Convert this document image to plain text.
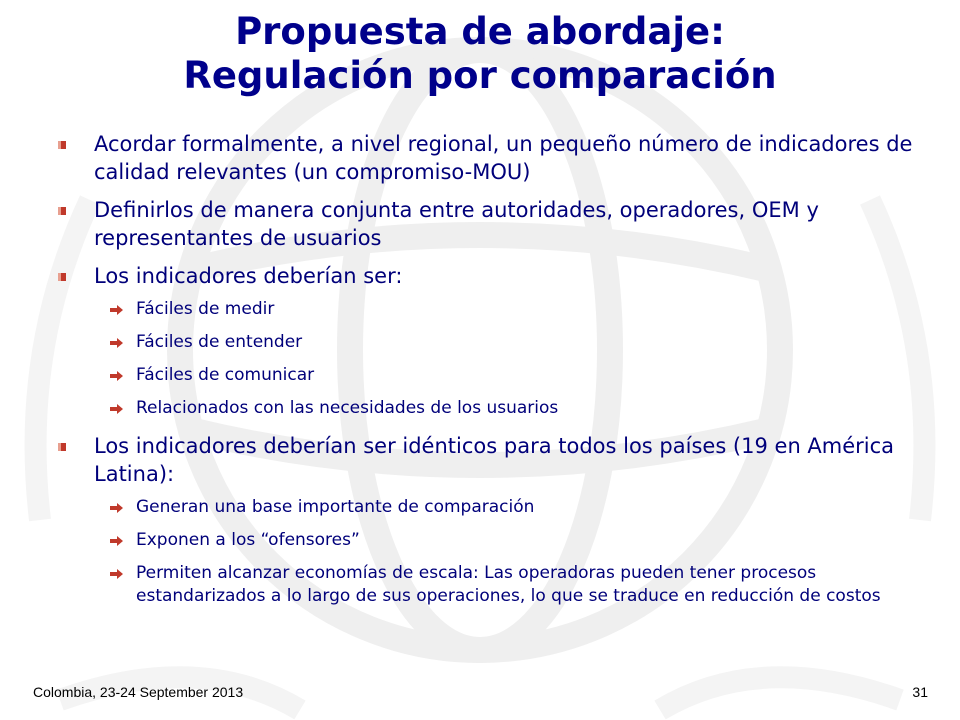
Propuesta de abordaje:
Regulación por comparación
Acordar formalmente, a nivel regional, un pequeño número de indicadores de calidad relevantes (un compromiso-MOU)
Definirlos de manera conjunta entre autoridades, operadores, OEM y representantes de usuarios
Los indicadores deberían ser:
Fáciles de medir
Fáciles de entender
Fáciles de comunicar
Relacionados con las necesidades de los usuarios
Los indicadores deberían ser idénticos para todos los países (19 en América Latina):
Generan una base importante de comparación
Exponen a los “ofensores”
Permiten alcanzar economías de escala: Las operadoras pueden tener procesos estandarizados a lo largo de sus operaciones, lo que se traduce en reducción de costos
Colombia, 23-24 September 2013	31
